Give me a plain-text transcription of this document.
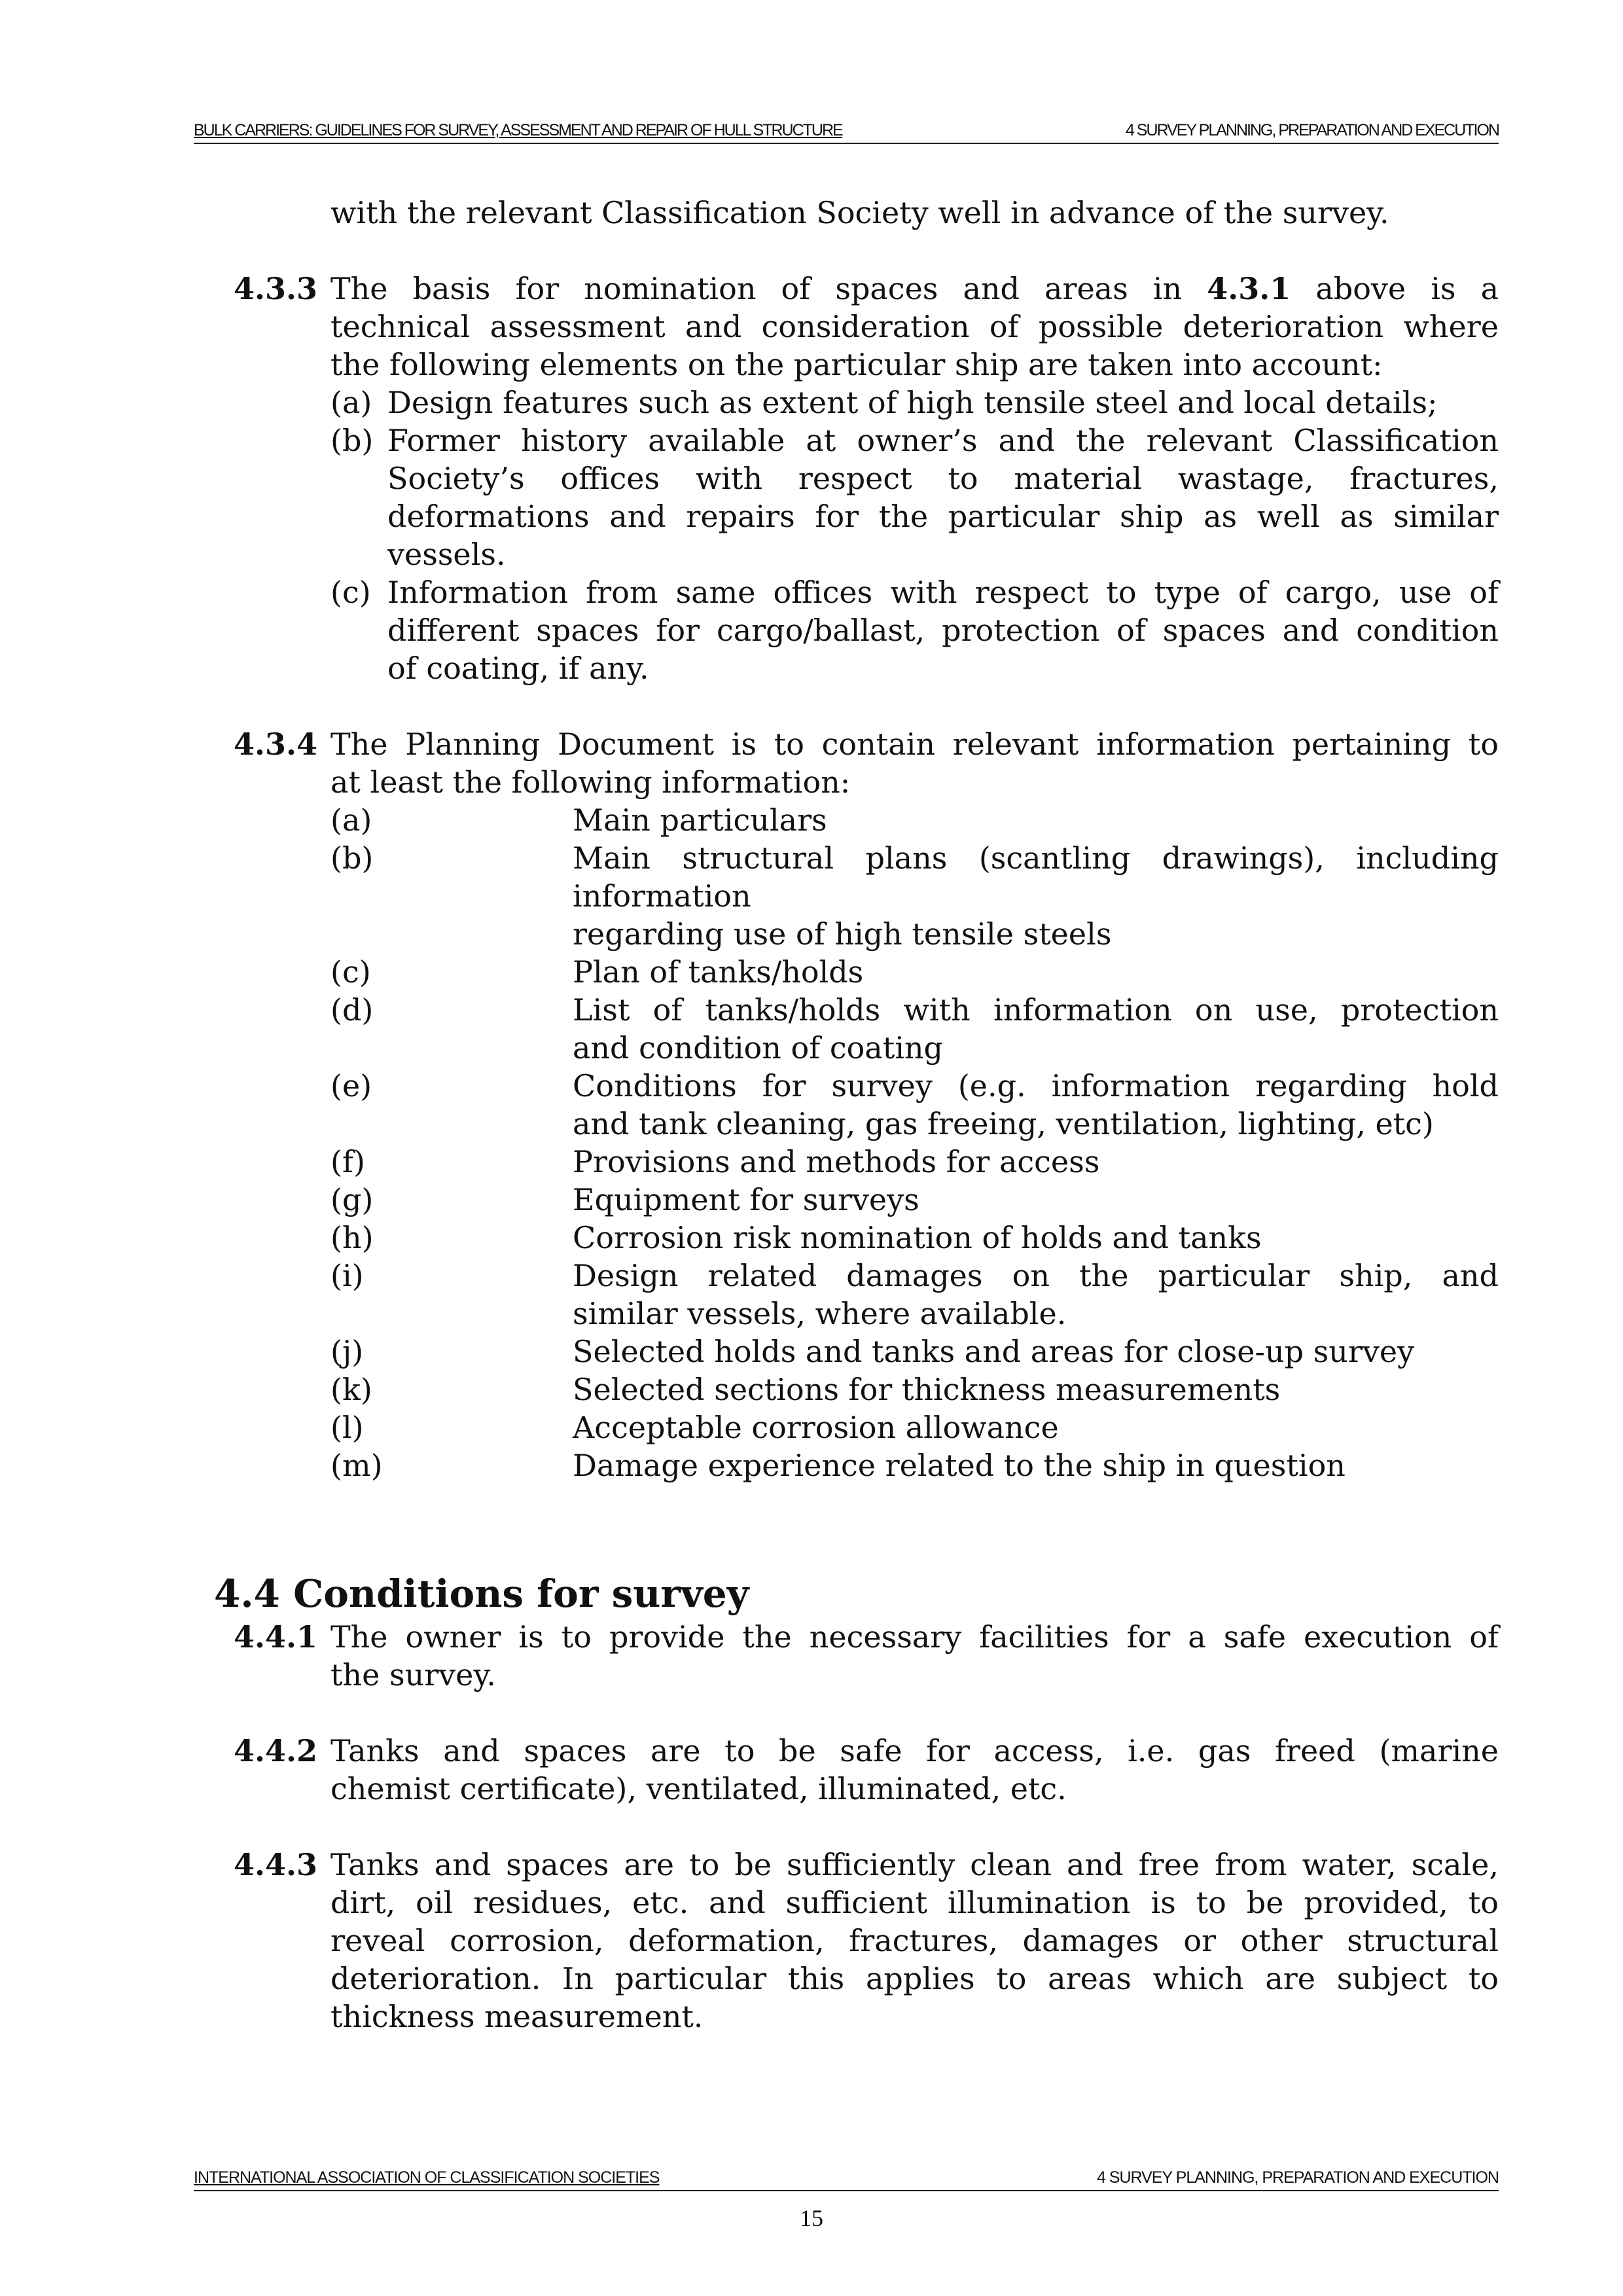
BULK CARRIERS: GUIDELINES FOR SURVEY, ASSESSMENT AND REPAIR OF HULL STRUCTURE	4 SURVEY PLANNING, PREPARATION AND EXECUTION
with the relevant Classification Society well in advance of the survey.
4.3.3 The basis for nomination of spaces and areas in 4.3.1 above is a
technical assessment and consideration of possible deterioration where
the following elements on the particular ship are taken into account:
(a) Design features such as extent of high tensile steel and local details;
(b) Former history available at owner’s and the relevant Classification
Society’s offices with respect to material wastage, fractures,
deformations and repairs for the particular ship as well as similar
vessels.
(c) Information from same offices with respect to type of cargo, use of
different spaces for cargo/ballast, protection of spaces and condition
of coating, if any.
4.3.4 The Planning Document is to contain relevant information pertaining to
at least the following information:
(a)	Main particulars
(b)	Main structural plans (scantling drawings), including
information
regarding use of high tensile steels
(c)	Plan of tanks/holds
(d)	List of tanks/holds with information on use, protection
and condition of coating
(e)	Conditions for survey (e.g. information regarding hold
and tank cleaning, gas freeing, ventilation, lighting, etc)
(f)	Provisions and methods for access
(g)	Equipment for surveys
(h)	Corrosion risk nomination of holds and tanks
(i)	Design related damages on the particular ship, and
similar vessels, where available.
(j)	Selected holds and tanks and areas for close-up survey
(k)	Selected sections for thickness measurements
(l)	Acceptable corrosion allowance
(m)	Damage experience related to the ship in question
4.4 Conditions for survey
4.4.1 The owner is to provide the necessary facilities for a safe execution of
the survey.
4.4.2 Tanks and spaces are to be safe for access, i.e. gas freed (marine
chemist certificate), ventilated, illuminated, etc.
4.4.3 Tanks and spaces are to be sufficiently clean and free from water, scale,
dirt, oil residues, etc. and sufficient illumination is to be provided, to
reveal corrosion, deformation, fractures, damages or other structural
deterioration. In particular this applies to areas which are subject to
thickness measurement.
INTERNATIONAL ASSOCIATION OF CLASSIFICATION SOCIETIES	4 SURVEY PLANNING, PREPARATION AND EXECUTION
15
